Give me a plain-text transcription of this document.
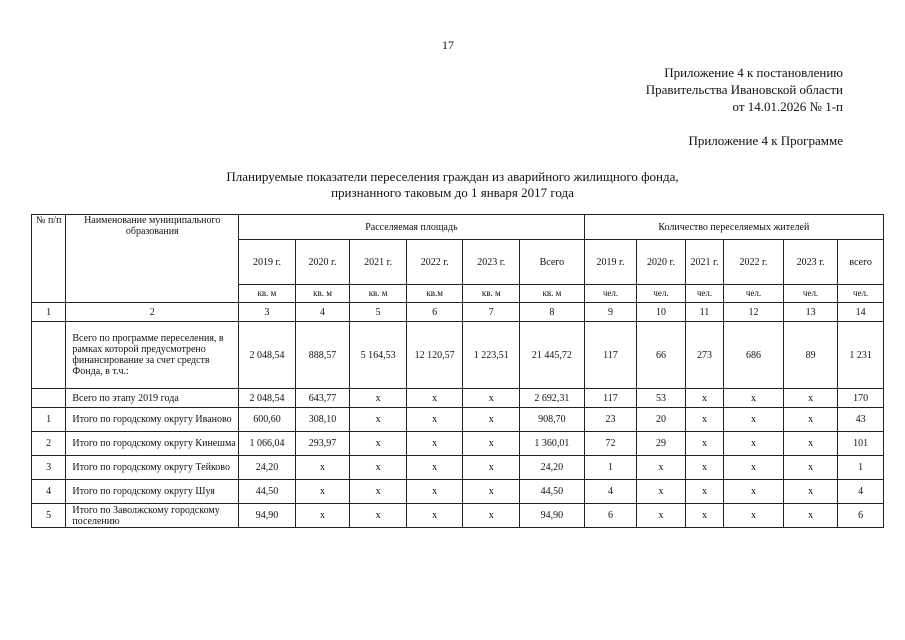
17
Приложение 4 к постановлению
Правительства Ивановской области
от 14.01.2026 № 1-п
Приложение 4 к Программе
Планируемые показатели переселения граждан из аварийного жилищного фонда,
признанного таковым до 1 января 2017 года
№ п/п	Наименование муниципального образования	Расселяемая площадь						Количество переселяемых жителей					
		2019 г.	2020 г.	2021 г.	2022 г.	2023 г.	Всего	2019 г.	2020 г.	2021 г.	2022 г.	2023 г.	всего
		кв. м	кв. м	кв. м	кв.м	кв. м	кв. м	чел.	чел.	чел.	чел.	чел.	чел.
1	2	3	4	5	6	7	8	9	10	11	12	13	14
	Всего по программе переселения, в рамках которой предусмотрено финансирование за счет средств Фонда, в т.ч.:	2 048,54	888,57	5 164,53	12 120,57	1 223,51	21 445,72	117	66	273	686	89	1 231
	Всего по этапу 2019 года	2 048,54	643,77	х	х	х	2 692,31	117	53	х	х	х	170
1	Итого по городскому округу Иваново	600,60	308,10	х	х	х	908,70	23	20	х	х	х	43
2	Итого по городскому округу Кинешма	1 066,04	293,97	х	х	х	1 360,01	72	29	х	х	х	101
3	Итого по городскому округу Тейково	24,20	х	х	х	х	24,20	1	х	х	х	х	1
4	Итого по городскому округу Шуя	44,50	х	х	х	х	44,50	4	х	х	х	х	4
5	Итого по Заволжскому городскому поселению	94,90	х	х	х	х	94,90	6	х	х	х	х	6
